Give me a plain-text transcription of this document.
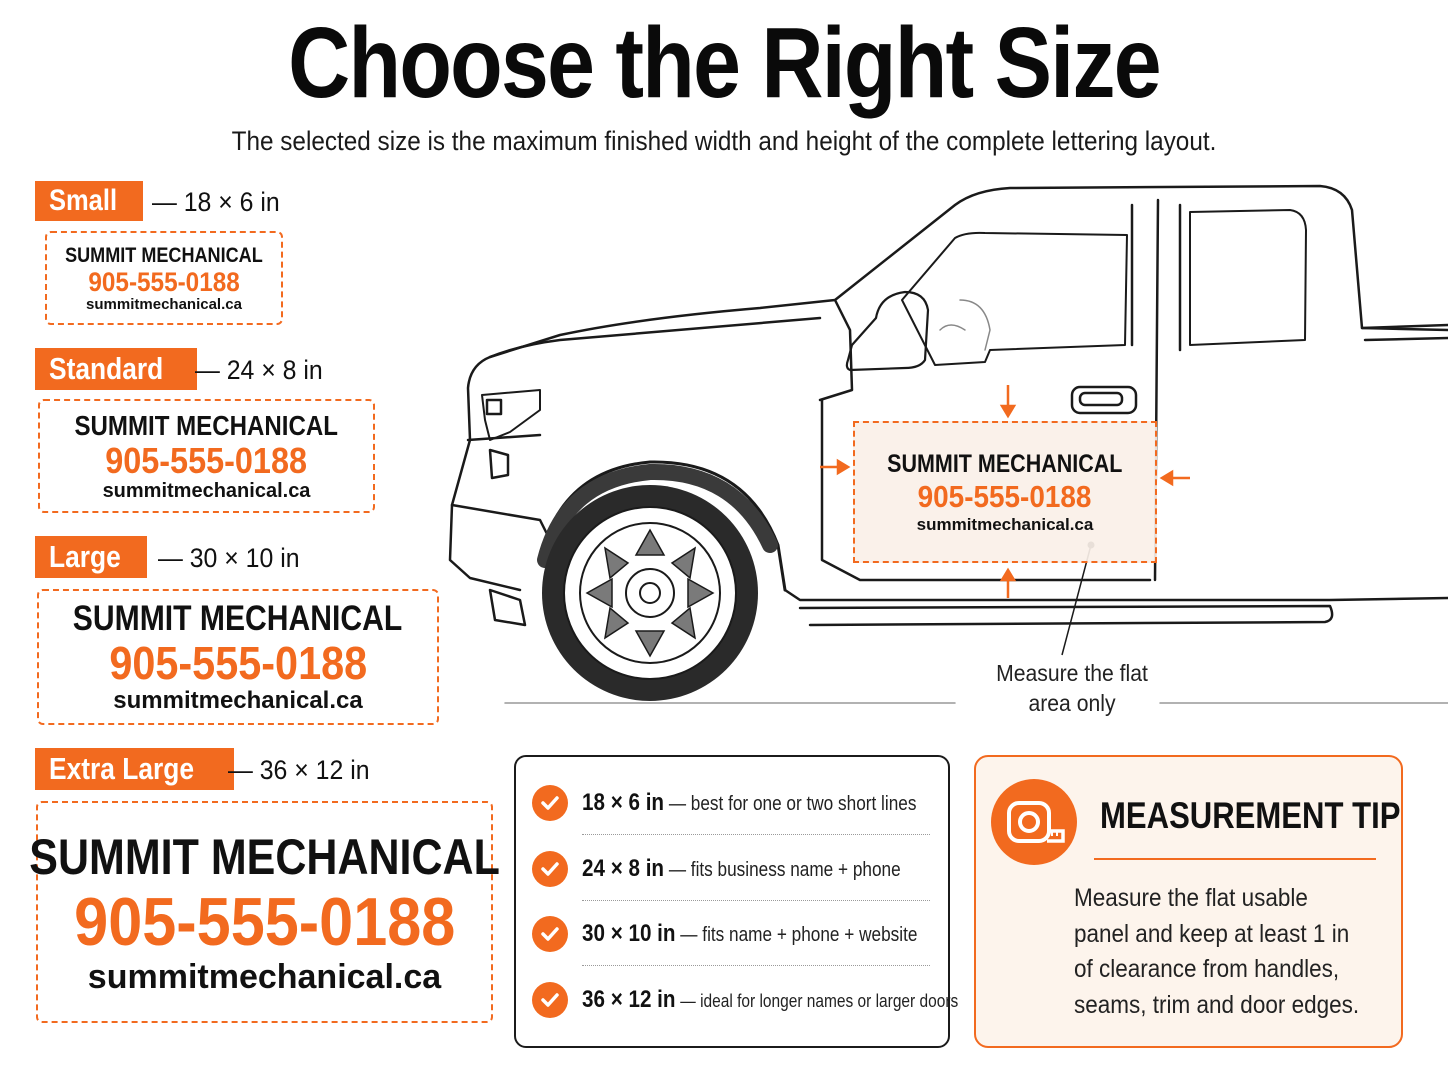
Choose the Right Size

The selected size is the maximum finished width and height of the complete lettering layout.

Small — 18 × 6 in
SUMMIT MECHANICAL
905-555-0188
summitmechanical.ca
Standard — 24 × 8 in
SUMMIT MECHANICAL
905-555-0188
summitmechanical.ca
Large — 30 × 10 in
SUMMIT MECHANICAL
905-555-0188
summitmechanical.ca
Extra Large — 36 × 12 in
SUMMIT MECHANICAL
905-555-0188
summitmechanical.ca
SUMMIT MECHANICAL
905-555-0188
summitmechanical.ca
Measure the flat area only
18 × 6 in — best for one or two short lines
24 × 8 in — fits business name + phone
30 × 10 in — fits name + phone + website
36 × 12 in — ideal for longer names or larger doors
MEASUREMENT TIP
Measure the flat usable panel and keep at least 1 in of clearance from handles, seams, trim and door edges.
